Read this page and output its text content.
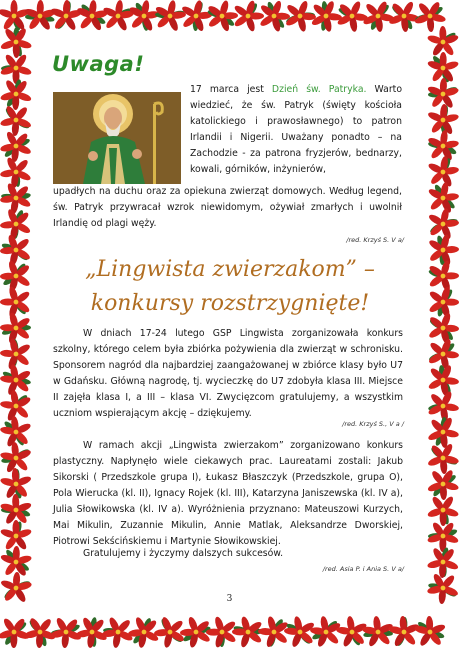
Uwaga!
17 marca jest Dzień św. Patryka. Warto wiedzieć, że św. Patryk (święty kościoła katolickiego i prawosławnego) to patron Irlandii i Nigerii. Uważany ponadto – na Zachodzie - za patrona fryzjerów, bednarzy, kowali, górników, inżynierów,
upadłych na duchu oraz za opiekuna zwierząt domowych. Według legend, św. Patryk przywracał wzrok niewidomym, ożywiał zmarłych i uwolnił Irlandię od plagi węży.
/red. Krzyś S. V a/
„Lingwista zwierzakom” –
konkursy rozstrzygnięte!
W dniach 17-24 lutego GSP Lingwista zorganizowała konkurs szkolny, którego celem była zbiórka pożywienia dla zwierząt w schronisku. Sponsorem nagród dla najbardziej zaangażowanej w zbiórce klasy było U7 w Gdańsku. Główną nagrodę, tj. wycieczkę do U7 zdobyła klasa III. Miejsce II zajęła klasa I, a III – klasa VI. Zwycięzcom gratulujemy, a wszystkim uczniom wspierającym akcję – dziękujemy.
/red. Krzyś S., V a /
W ramach akcji „Lingwista zwierzakom” zorganizowano konkurs plastyczny. Napłynęło wiele ciekawych prac. Laureatami zostali: Jakub Sikorski ( Przedszkole grupa I), Łukasz Błaszczyk (Przedszkole, grupa O), Pola Wierucka (kl. II), Ignacy Rojek (kl. III), Katarzyna Janiszewska (kl. IV a), Julia Słowikowska (kl. IV a). Wyróżnienia przyznano: Mateuszowi Kurzych, Mai Mikulin, Zuzannie Mikulin, Annie Matlak, Aleksandrze Dworskiej, Piotrowi Sekścińskiemu i Martynie Słowikowskiej.
Gratulujemy i życzymy dalszych sukcesów.
/red. Asia P. i Ania S. V a/
3
